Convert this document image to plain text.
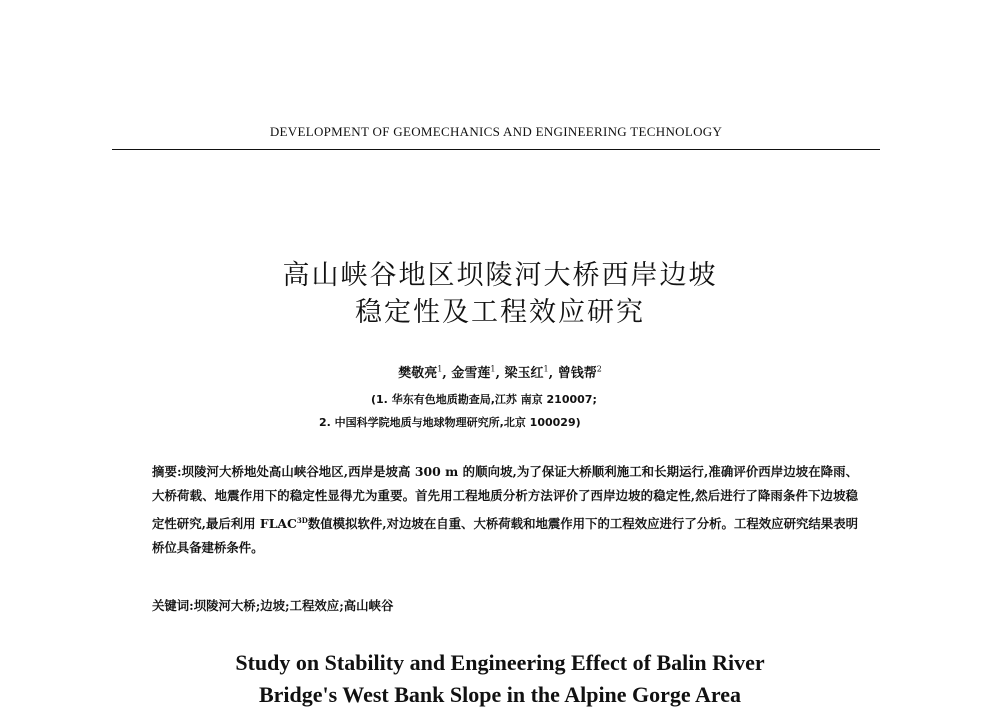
DEVELOPMENT OF GEOMECHANICS AND ENGINEERING TECHNOLOGY
高山峡谷地区坝陵河大桥西岸边坡
稳定性及工程效应研究
樊敬亮$^1$, 金雪莲$^1$, 梁玉红$^1$, 曾钱帮$^2$
(1. 华东有色地质勘查局,江苏 南京 210007;
2. 中国科学院地质与地球物理研究所,北京 100029)
摘要:坝陵河大桥地处高山峡谷地区,西岸是坡高 300 m 的顺向坡,为了保证大桥顺利施工和长期运行,准确评价西岸边坡在降雨、大桥荷载、地震作用下的稳定性显得尤为重要。首先用工程地质分析方法评价了西岸边坡的稳定性,然后进行了降雨条件下边坡稳定性研究,最后利用 $FLAC^{3D}$数值模拟软件,对边坡在自重、大桥荷载和地震作用下的工程效应进行了分析。工程效应研究结果表明桥位具备建桥条件。
关键词:坝陵河大桥;边坡;工程效应;高山峡谷
Study on Stability and Engineering Effect of Balin River
Bridge's West Bank Slope in the Alpine Gorge Area
